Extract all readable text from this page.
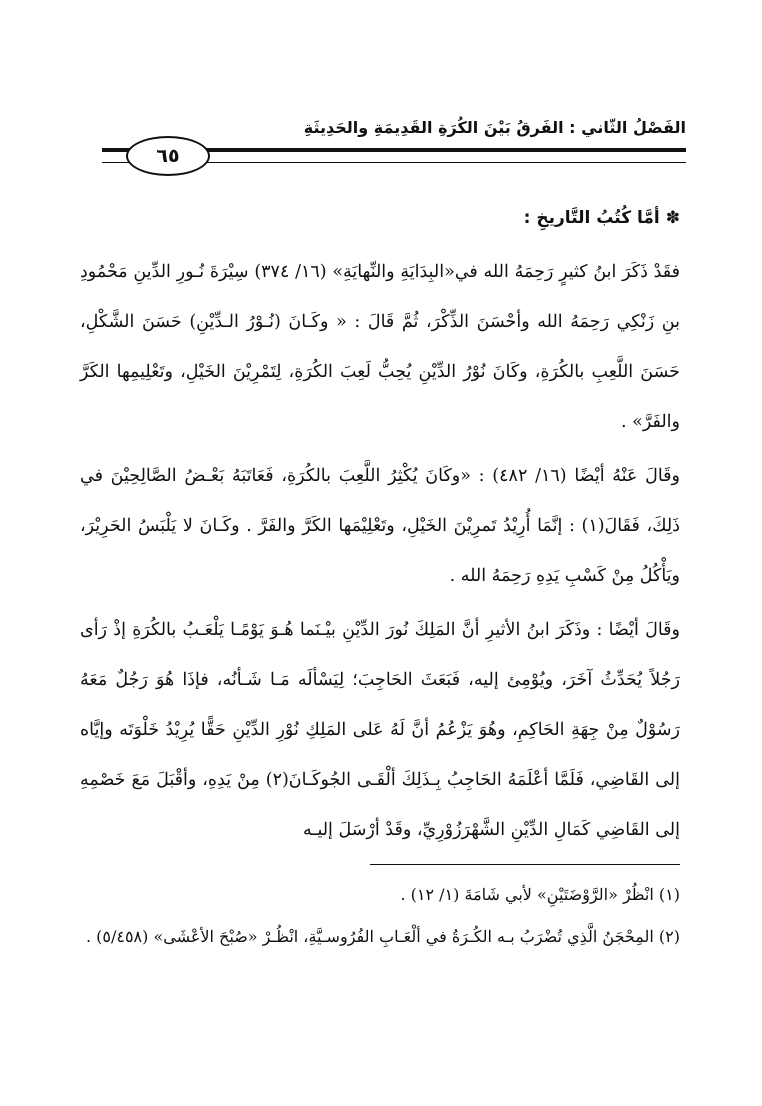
الفَصْلُ الثّاني : الفَرقُ بَيْنَ الكُرَةِ القَدِيمَةِ والحَدِيثَةِ
٦٥

✽أمَّا كُتُبُ التَّاريخِ :

فقَدْ ذَكَرَ ابنُ كثيرٍ رَحِمَهُ الله في«البِدَايَةِ والنِّهايَةِ» (١٦/ ٣٧٤) سِيْرَةَ نُـورِ الدِّينِ مَحْمُودِ بنِ زَنْكِي رَحِمَهُ الله وأحْسَنَ الذِّكْرَ، ثُمَّ قَالَ : « وكَـانَ (نُـوْرُ الـدِّيْنِ) حَسَنَ الشَّكْلِ، حَسَنَ اللَّعِبِ بالكُرَةِ، وكَانَ نُوْرُ الدِّيْنِ يُحِبُّ لَعِبَ الكُرَةِ، لِتَمْرِيْنَ الخَيْلِ، وتَعْلِيمِها الكَرَّ والفَرَّ» .

وقَالَ عَنْهُ أيْضًا (١٦/ ٤٨٢) : «وكَانَ يُكْثِرُ اللَّعِبَ بالكُرَةِ، فَعَاتَبَهُ بَعْـضُ الصَّالِحِيْنَ في ذَلِكَ، فَقَالَ(١) : إنَّمَا أُرِيْدُ تَمرِيْنَ الخَيْلِ، وتَعْلِيْمَها الكَرَّ والفَرَّ . وكَـانَ لا يَلْبَسُ الحَرِيْرَ، ويَأْكُلُ مِنْ كَسْبِ يَدِهِ رَحِمَهُ الله .

وقَالَ أيْضًا : وذَكَرَ ابنُ الأثيرِ أنَّ المَلِكَ نُورَ الدِّيْنِ بيْـنَما هُـوَ يَوْمًـا يَلْعَـبُ بالكُرَةِ إذْ رَأى رَجُلاً يُحَدِّثُ آخَرَ، ويُوْمِئ إليه، فَبَعَثَ الحَاجِبَ؛ لِيَسْألَه مَـا شَـأنُه، فإذَا هُوَ رَجُلٌ مَعَهُ رَسُوْلٌ مِنْ جِهَةِ الحَاكِمِ، وهُوَ يَزْعُمُ أنَّ لَهُ عَلى المَلِكِ نُوْرِ الدِّيْنِ حَقًّا يُرِيْدُ خَلْوَتَه وإيَّاه إلى القَاضِي، فَلَمَّا أعْلَمَهُ الحَاجِبُ بِـذَلِكَ ألْقَـى الجُوكَـانَ(٢) مِنْ يَدِهِ، وأقْبَلَ مَعَ خَصْمِهِ إلى القَاضِي كَمَالِ الدِّيْنِ الشَّهْرَزُوْرِيِّ، وقَدْ أرْسَلَ إليـه

(١) انْظُرْ «الرَّوْضَتَيْنِ» لأبي شَامَةَ (١/ ١٢) .

(٢) المِحْجَنُ الَّذِي تُضْرَبُ بـه الكُـرَةُ في ألْعَـابِ الفُرُوسـيَّةِ، انْظُـرْ «صُبْحَ الأعْشَى» (٥/٤٥٨) .
